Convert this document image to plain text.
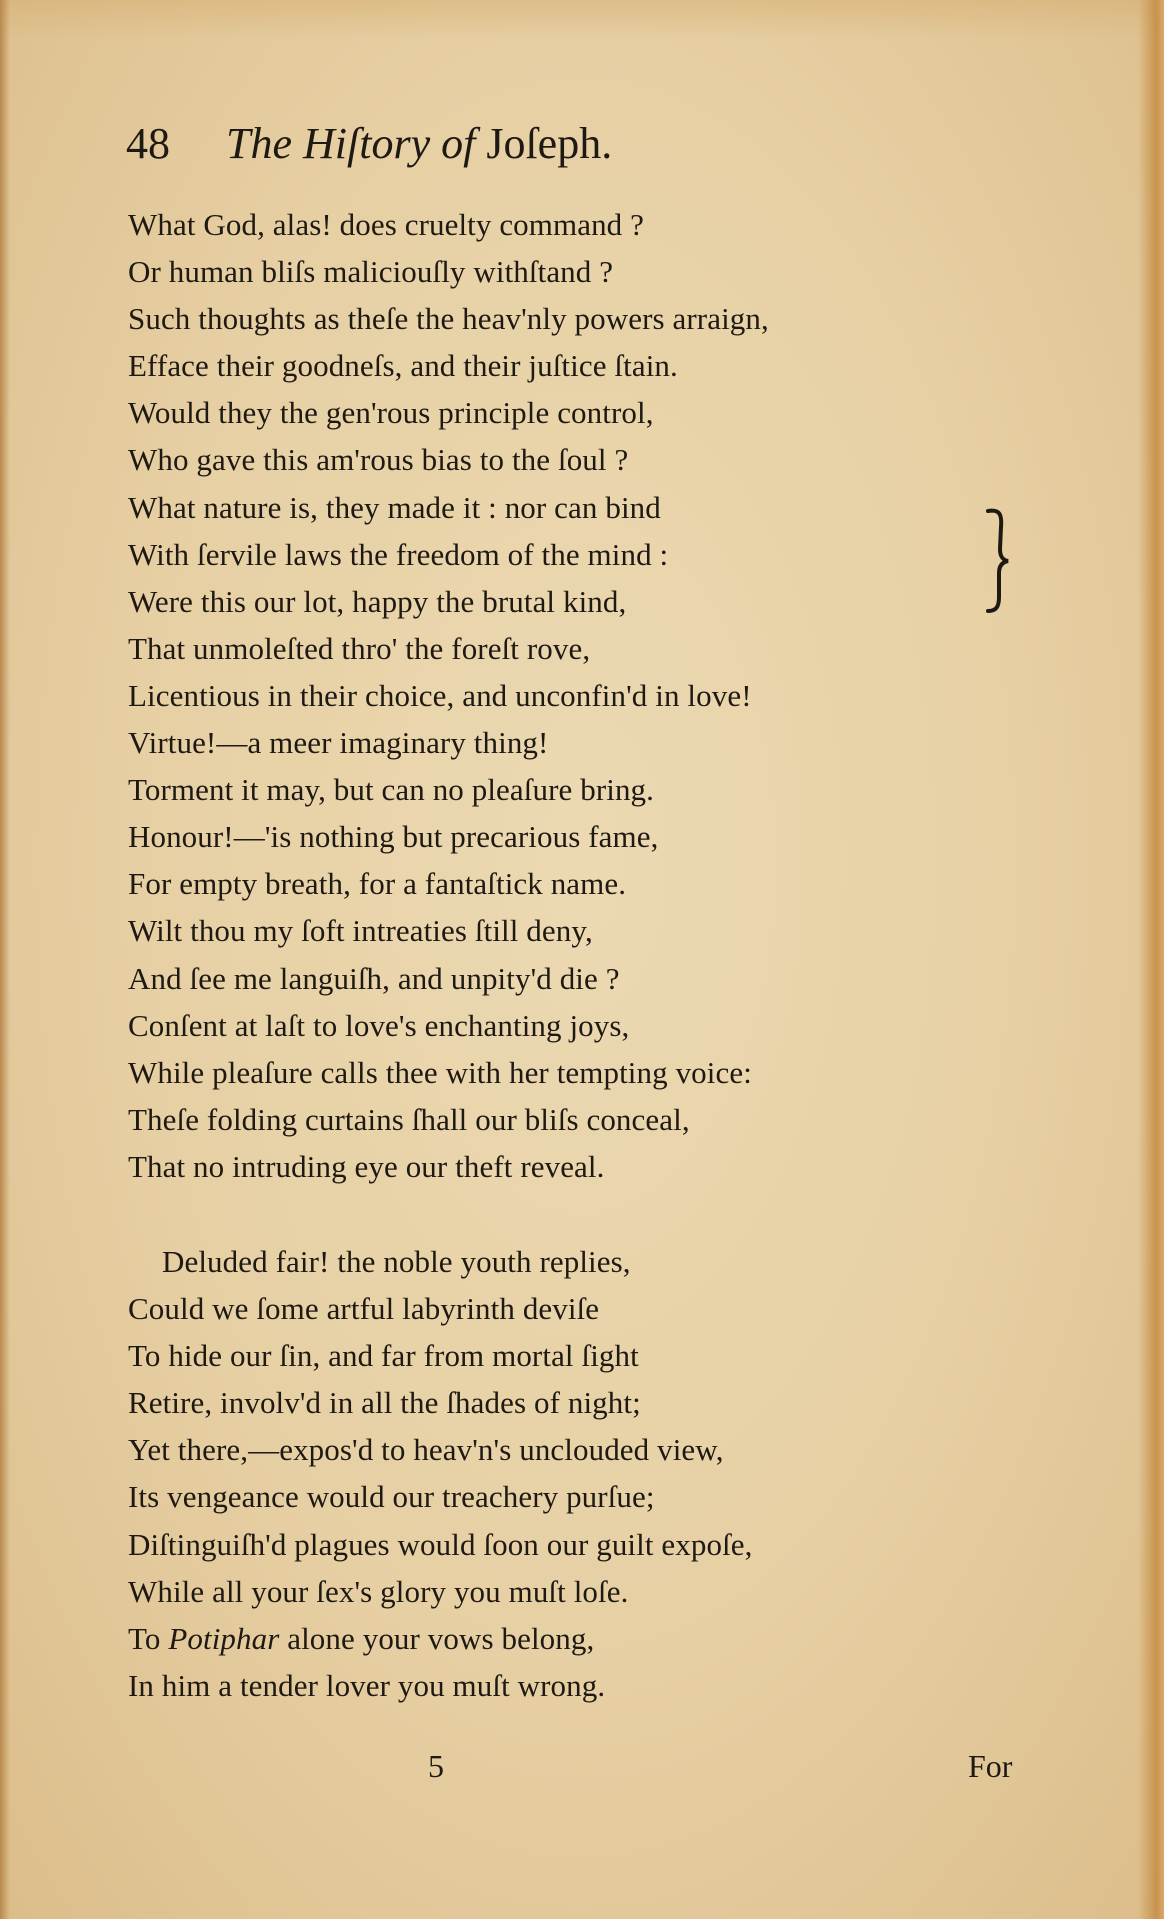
48 The Hiſtory of Joſeph.
What God, alas! does cruelty command ?
Or human bliſs maliciouſly withſtand ?
Such thoughts as theſe the heav'nly powers arraign,
Efface their goodneſs, and their juſtice ſtain.
Would they the gen'rous principle control,
Who gave this am'rous bias to the ſoul ?
What nature is, they made it : nor can bind
With ſervile laws the freedom of the mind :
Were this our lot, happy the brutal kind,
That unmoleſted thro' the foreſt rove,
Licentious in their choice, and unconfin'd in love!
Virtue!—a meer imaginary thing!
Torment it may, but can no pleaſure bring.
Honour!—'is nothing but precarious fame,
For empty breath, for a fantaſtick name.
Wilt thou my ſoft intreaties ſtill deny,
And ſee me languiſh, and unpity'd die ?
Conſent at laſt to love's enchanting joys,
While pleaſure calls thee with her tempting voice:
Theſe folding curtains ſhall our bliſs conceal,
That no intruding eye our theft reveal.
Deluded fair! the noble youth replies,
Could we ſome artful labyrinth deviſe
To hide our ſin, and far from mortal ſight
Retire, involv'd in all the ſhades of night;
Yet there,—expos'd to heav'n's unclouded view,
Its vengeance would our treachery purſue;
Diſtinguiſh'd plagues would ſoon our guilt expoſe,
While all your ſex's glory you muſt loſe.
To Potiphar alone your vows belong,
In him a tender lover you muſt wrong.
5	For
